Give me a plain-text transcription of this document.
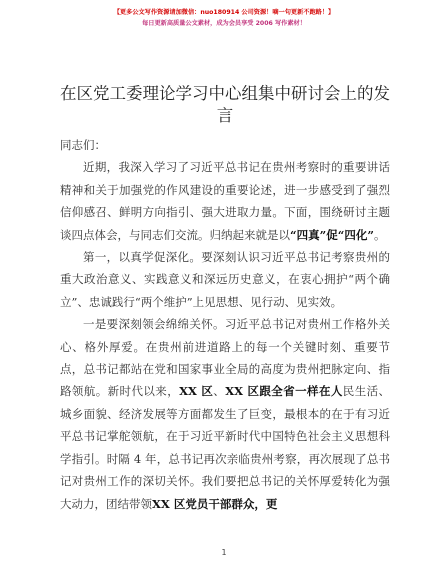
【更多公文写作资源请加微信：nuo180914 公司资源！嘀一句更新不跑路！】
每日更新高质量公文素材，成为会员享受 2006 写作素材！
在区党工委理论学习中心组集中研讨会上的发言

同志们：

近期，我深入学习了习近平总书记在贵州考察时的重要讲话精神和关于加强党的作风建设的重要论述，进一步感受到了强烈信仰感召、鲜明方向指引、强大进取力量。下面，围绕研讨主题谈四点体会，与同志们交流。归纳起来就是以“四真”促“四化”。

第一，以真学促深化。要深刻认识习近平总书记考察贵州的重大政治意义、实践意义和深远历史意义，在衷心拥护“两个确立”、忠诚践行“两个维护”上见思想、见行动、见实效。

一是要深刻领会绵绵关怀。习近平总书记对贵州工作格外关心、格外厚爱。在贵州前进道路上的每一个关键时刻、重要节点，总书记都站在党和国家事业全局的高度为贵州把脉定向、指路领航。新时代以来，XX 区、XX 区跟全省一样在人民生活、城乡面貌、经济发展等方面都发生了巨变，最根本的在于有习近平总书记掌舵领航，在于习近平新时代中国特色社会主义思想科学指引。时隔 4 年，总书记再次亲临贵州考察，再次展现了总书记对贵州工作的深切关怀。我们要把总书记的关怀厚爱转化为强大动力，团结带领XX 区党员干部群众，更

1
